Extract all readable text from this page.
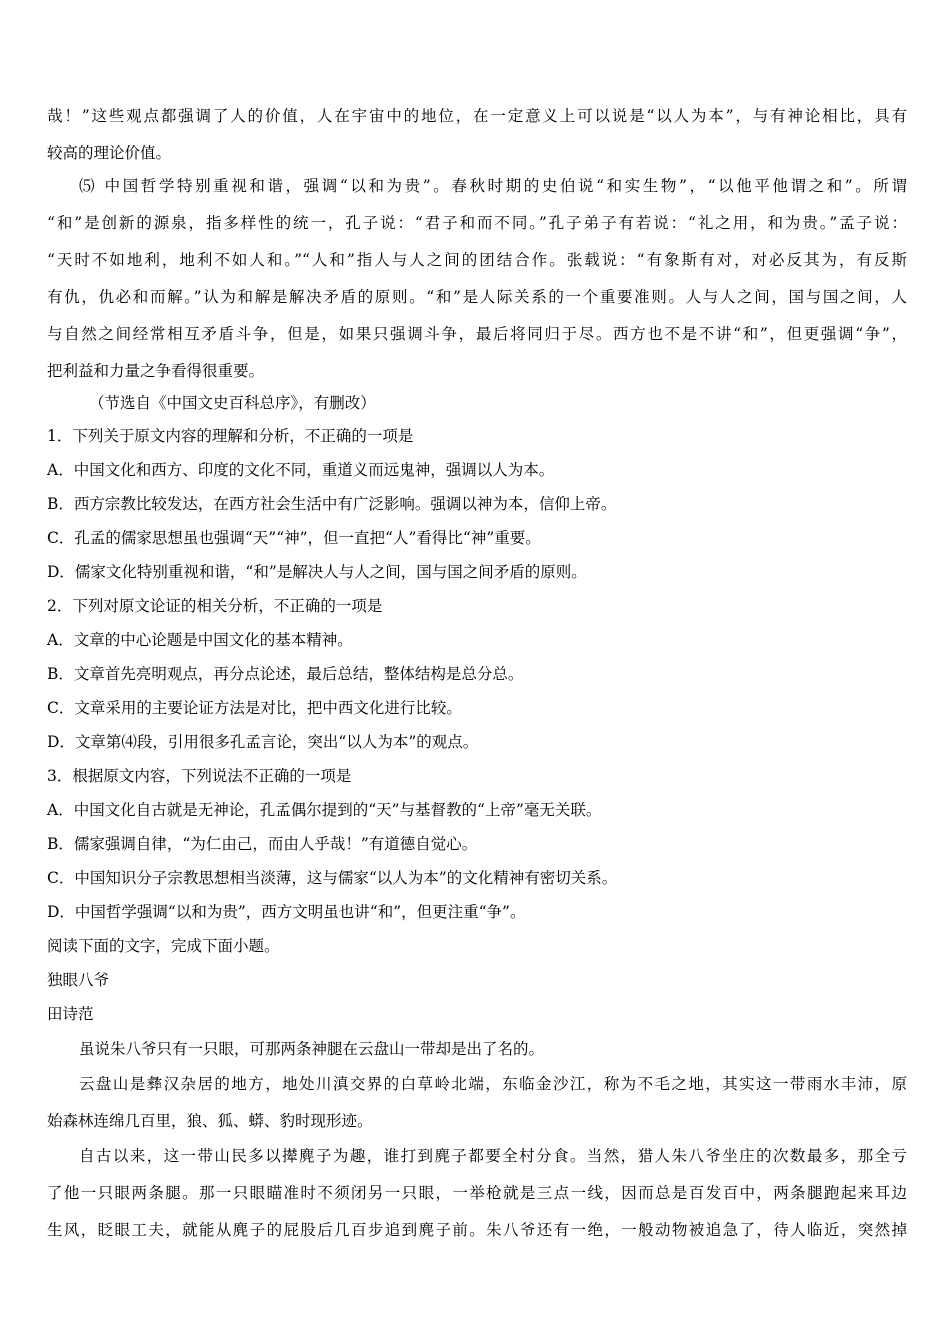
哉！”这些观点都强调了人的价值，人在宇宙中的地位，在一定意义上可以说是“以人为本”，与有神论相比，具有
较高的理论价值。
⑸ 中国哲学特别重视和谐，强调“以和为贵”。春秋时期的史伯说“和实生物”，“以他平他谓之和”。所谓
“和”是创新的源泉，指多样性的统一，孔子说：“君子和而不同。”孔子弟子有若说：“礼之用，和为贵。”孟子说：
“天时不如地利，地利不如人和。”“人和”指人与人之间的团结合作。张载说：“有象斯有对，对必反其为，有反斯
有仇，仇必和而解。”认为和解是解决矛盾的原则。“和”是人际关系的一个重要准则。人与人之间，国与国之间，人
与自然之间经常相互矛盾斗争，但是，如果只强调斗争，最后将同归于尽。西方也不是不讲“和”，但更强调“争”，
把利益和力量之争看得很重要。
（节选自《中国文史百科总序》，有删改）
1．下列关于原文内容的理解和分析，不正确的一项是
A．中国文化和西方、印度的文化不同，重道义而远鬼神，强调以人为本。
B．西方宗教比较发达，在西方社会生活中有广泛影响。强调以神为本，信仰上帝。
C．孔孟的儒家思想虽也强调“天”“神”，但一直把“人”看得比“神”重要。
D．儒家文化特别重视和谐，“和”是解决人与人之间，国与国之间矛盾的原则。
2．下列对原文论证的相关分析，不正确的一项是
A．文章的中心论题是中国文化的基本精神。
B．文章首先亮明观点，再分点论述，最后总结，整体结构是总分总。
C．文章采用的主要论证方法是对比，把中西文化进行比较。
D．文章第⑷段，引用很多孔孟言论，突出“以人为本”的观点。
3．根据原文内容，下列说法不正确的一项是
A．中国文化自古就是无神论，孔孟偶尔提到的“天”与基督教的“上帝”毫无关联。
B．儒家强调自律，“为仁由己，而由人乎哉！”有道德自觉心。
C．中国知识分子宗教思想相当淡薄，这与儒家“以人为本”的文化精神有密切关系。
D．中国哲学强调“以和为贵”，西方文明虽也讲“和”，但更注重“争”。
阅读下面的文字，完成下面小题。
独眼八爷
田诗范
虽说朱八爷只有一只眼，可那两条神腿在云盘山一带却是出了名的。
云盘山是彝汉杂居的地方，地处川滇交界的白草岭北端，东临金沙江，称为不毛之地，其实这一带雨水丰沛，原
始森林连绵几百里，狼、狐、蟒、豹时现形迹。
自古以来，这一带山民多以撵麂子为趣，谁打到麂子都要全村分食。当然，猎人朱八爷坐庄的次数最多，那全亏
了他一只眼两条腿。那一只眼瞄准时不须闭另一只眼，一举枪就是三点一线，因而总是百发百中，两条腿跑起来耳边
生风，眨眼工夫，就能从麂子的屁股后几百步追到麂子前。朱八爷还有一绝，一般动物被追急了，待人临近，突然掉
